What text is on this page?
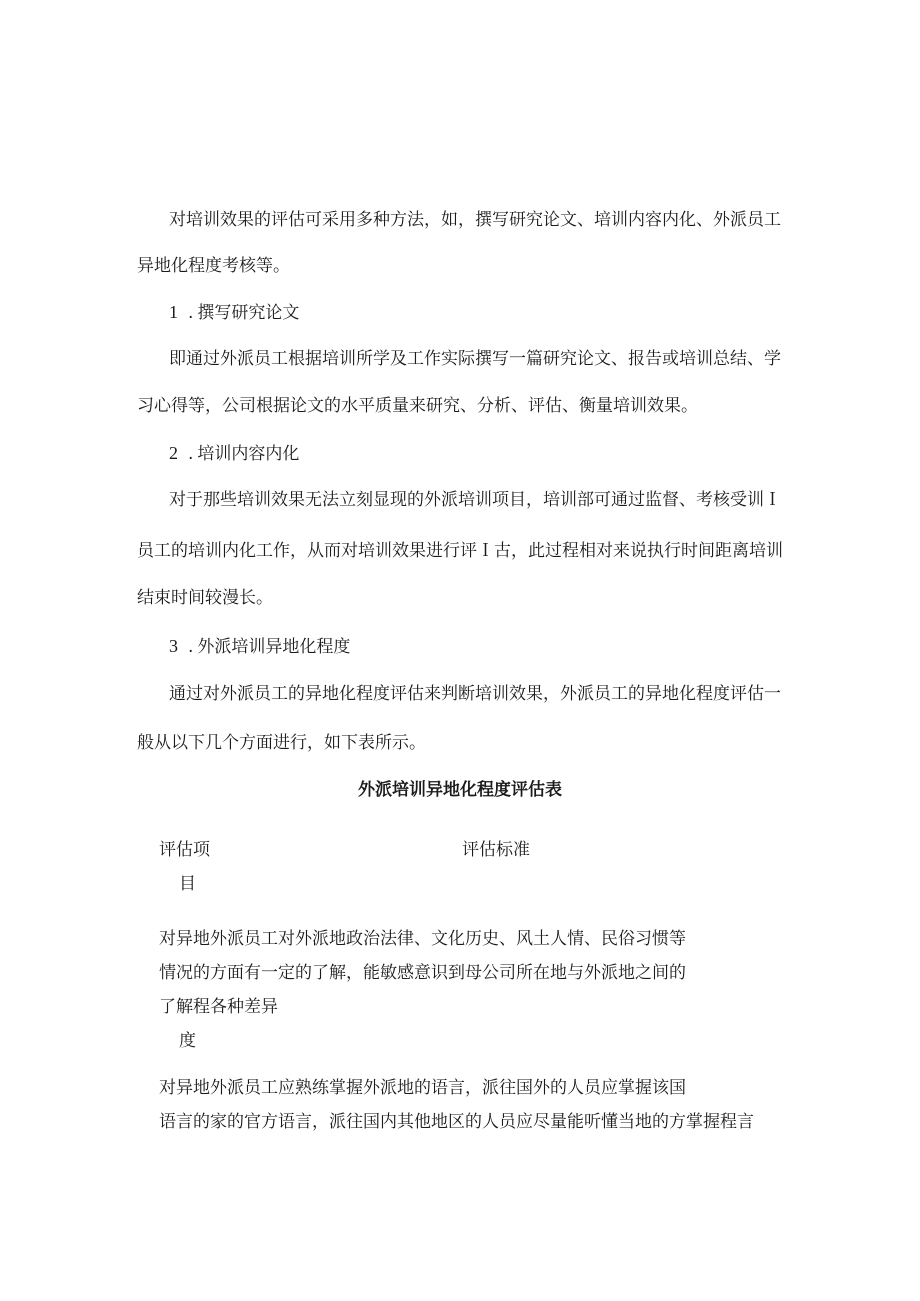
对培训效果的评估可采用多种方法，如，撰写研究论文、培训内容内化、外派员工
异地化程度考核等。
1 . 撰写研究论文
即通过外派员工根据培训所学及工作实际撰写一篇研究论文、报告或培训总结、学
习心得等，公司根据论文的水平质量来研究、分析、评估、衡量培训效果。
2 . 培训内容内化
对于那些培训效果无法立刻显现的外派培训项目，培训部可通过监督、考核受训Ｉ
员工的培训内化工作，从而对培训效果进行评Ｉ古，此过程相对来说执行时间距离培训
结束时间较漫长。
3 . 外派培训异地化程度
通过对外派员工的异地化程度评估来判断培训效果，外派员工的异地化程度评估一
般从以下几个方面进行，如下表所示。
外派培训异地化程度评估表
评估项
目
评估标准
对异地外派员工对外派地政治法律、文化历史、风土人情、民俗习惯等
情况的方面有一定的了解，能敏感意识到母公司所在地与外派地之间的
了解程各种差异
度
对异地外派员工应熟练掌握外派地的语言，派往国外的人员应掌握该国
语言的家的官方语言，派往国内其他地区的人员应尽量能听懂当地的方掌握程言
